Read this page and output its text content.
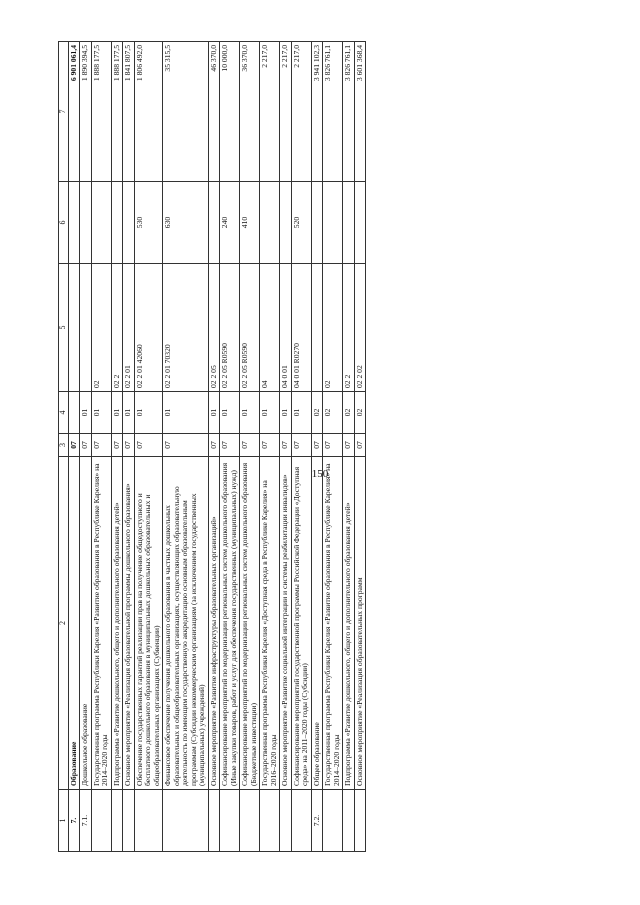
150
1	2	3	4	5	6	7
7.	Образование	07				6 901 061,4
7.1.	Дошкольное образование	07	01			1 890 394,5
	Государственная программа Республики Карелия «Развитие образования в Республике Карелия» на 2014–2020 годы	07	01	02		1 888 177,5
	Подпрограмма «Развитие дошкольного, общего и дополнительного образования детей»	07	01	02 2		1 888 177,5
	Основное мероприятие «Реализация образовательной программы дошкольного образования»	07	01	02 2 01		1 841 807,5
	Обеспечение государственных гарантий реализации прав на получение общедоступного и бесплатного дошкольного образования в муниципальных дошкольных образовательных и общеобразовательных организациях (Субвенции)	07	01	02 2 01 42060	530	1 806 492,0
	Финансовое обеспечение получения дошкольного образования в частных дошкольных образовательных и общеобразовательных организациях, осуществляющих образовательную деятельность по имеющим государственную аккредитацию основным образовательным программам (Субсидии некоммерческим организациям (за исключением государственных (муниципальных) учреждений)	07	01	02 2 01 70320	630	35 315,5
	Основное мероприятие «Развитие инфраструктуры образовательных организаций»	07	01	02 2 05		46 370,0
	Софинансирование мероприятий по модернизации региональных систем дошкольного образования (Иные закупки товаров, работ и услуг для обеспечения государственных (муниципальных) нужд)	07	01	02 2 05 R0590	240	10 000,0
	Софинансирование мероприятий по модернизации региональных систем дошкольного образования (Бюджетные инвестиции)	07	01	02 2 05 R0590	410	36 370,0
	Государственная программа Республики Карелия «Доступная среда в Республике Карелия» на 2016–2020 годы	07	01	04		2 217,0
	Основное мероприятие «Развитие социальной интеграции и системы реабилитации инвалидов»	07	01	04 0 01		2 217,0
	Софинансирование мероприятий государственной программы Российской Федерации «Доступная среда» на 2011–2020 годы (Субсидии)	07	01	04 0 01 R0270	520	2 217,0
7.2.	Общее образование	07	02			3 941 102,3
	Государственная программа Республики Карелия «Развитие образования в Республике Карелия» на 2014–2020 годы	07	02	02		3 826 761,1
	Подпрограмма «Развитие дошкольного, общего и дополнительного образования детей»	07	02	02 2		3 826 761,1
	Основное мероприятие «Реализация образовательных программ	07	02	02 2 02		3 601 368,4
